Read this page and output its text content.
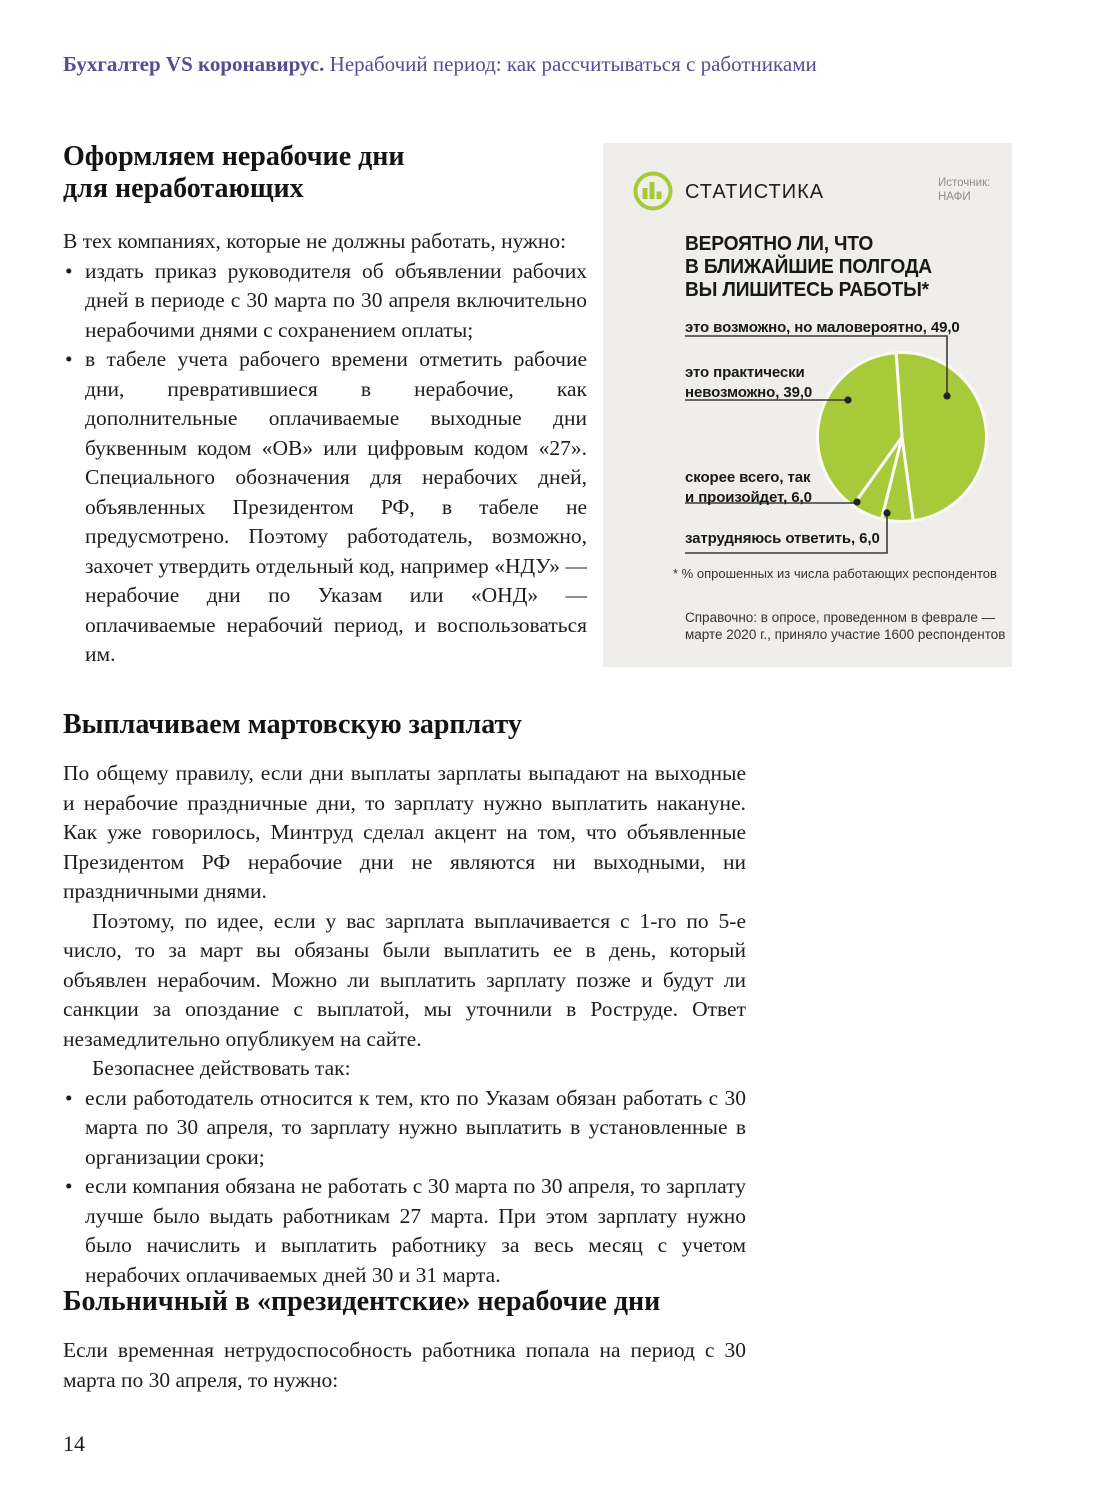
Бухгалтер VS коронавирус. Нерабочий период: как рассчитываться с работниками
Оформляем нерабочие дни
для неработающих

В тех компаниях, которые не должны работать, нужно:

• издать приказ руководителя об объявлении рабочих дней в периоде с 30 марта по 30 апреля включительно нерабочими днями с сохранением оплаты;
• в табеле учета рабочего времени отметить рабочие дни, превратившиеся в нерабочие, как дополнительные оплачиваемые выходные дни буквенным кодом «ОВ» или цифровым кодом «27». Специального обозначения для нерабочих дней, объявленных Президентом РФ, в табеле не предусмотрено. Поэтому работодатель, возможно, захочет утвердить отдельный код, например «НДУ» — нерабочие дни по Указам или «ОНД» — оплачиваемые нерабочий период, и воспользоваться им.
СТАТИСТИКА	Источник:
НАФИ
ВЕРОЯТНО ЛИ, ЧТО
В БЛИЖАЙШИЕ ПОЛГОДА
ВЫ ЛИШИТЕСЬ РАБОТЫ*
это возможно, но маловероятно, 49,0
это практически
невозможно, 39,0
скорее всего, так
и произойдет, 6,0
затрудняюсь ответить, 6,0
* % опрошенных из числа работающих респондентов
Справочно: в опросе, проведенном в феврале —
марте 2020 г., приняло участие 1600 респондентов
Выплачиваем мартовскую зарплату

По общему правилу, если дни выплаты зарплаты выпадают на выходные и нерабочие праздничные дни, то зарплату нужно выплатить накануне. Как уже говорилось, Минтруд сделал акцент на том, что объявленные Президентом РФ нерабочие дни не являются ни выходными, ни праздничными днями.

Поэтому, по идее, если у вас зарплата выплачивается с 1-го по 5-е число, то за март вы обязаны были выплатить ее в день, который объявлен нерабочим. Можно ли выплатить зарплату позже и будут ли санкции за опоздание с выплатой, мы уточнили в Роструде. Ответ незамедлительно опубликуем на сайте.

Безопаснее действовать так:

• если работодатель относится к тем, кто по Указам обязан работать с 30 марта по 30 апреля, то зарплату нужно выплатить в установленные в организации сроки;
• если компания обязана не работать с 30 марта по 30 апреля, то зарплату лучше было выдать работникам 27 марта. При этом зарплату нужно было начислить и выплатить работнику за весь месяц с учетом нерабочих оплачиваемых дней 30 и 31 марта.
Больничный в «президентские» нерабочие дни

Если временная нетрудоспособность работника попала на период с 30 марта по 30 апреля, то нужно:

14
